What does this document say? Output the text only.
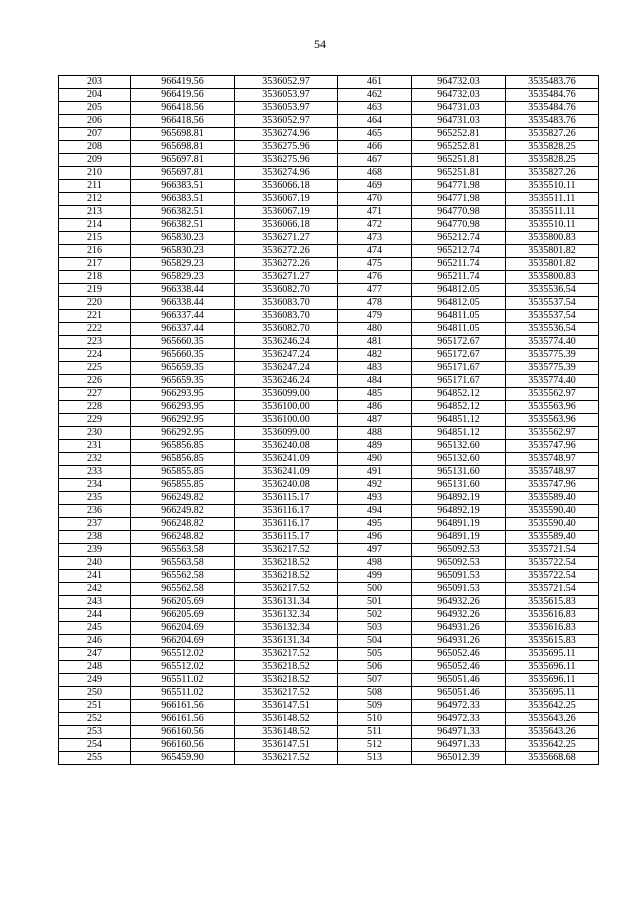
54
203	966419.56	3536052.97	461	964732.03	3535483.76
204	966419.56	3536053.97	462	964732.03	3535484.76
205	966418.56	3536053.97	463	964731.03	3535484.76
206	966418.56	3536052.97	464	964731.03	3535483.76
207	965698.81	3536274.96	465	965252.81	3535827.26
208	965698.81	3536275.96	466	965252.81	3535828.25
209	965697.81	3536275.96	467	965251.81	3535828.25
210	965697.81	3536274.96	468	965251.81	3535827.26
211	966383.51	3536066.18	469	964771.98	3535510.11
212	966383.51	3536067.19	470	964771.98	3535511.11
213	966382.51	3536067.19	471	964770.98	3535511.11
214	966382.51	3536066.18	472	964770.98	3535510.11
215	965830.23	3536271.27	473	965212.74	3535800.83
216	965830.23	3536272.26	474	965212.74	3535801.82
217	965829.23	3536272.26	475	965211.74	3535801.82
218	965829.23	3536271.27	476	965211.74	3535800.83
219	966338.44	3536082.70	477	964812.05	3535536.54
220	966338.44	3536083.70	478	964812.05	3535537.54
221	966337.44	3536083.70	479	964811.05	3535537.54
222	966337.44	3536082.70	480	964811.05	3535536.54
223	965660.35	3536246.24	481	965172.67	3535774.40
224	965660.35	3536247.24	482	965172.67	3535775.39
225	965659.35	3536247.24	483	965171.67	3535775.39
226	965659.35	3536246.24	484	965171.67	3535774.40
227	966293.95	3536099.00	485	964852.12	3535562.97
228	966293.95	3536100.00	486	964852.12	3535563.96
229	966292.95	3536100.00	487	964851.12	3535563.96
230	966292.95	3536099.00	488	964851.12	3535562.97
231	965856.85	3536240.08	489	965132.60	3535747.96
232	965856.85	3536241.09	490	965132.60	3535748.97
233	965855.85	3536241.09	491	965131.60	3535748.97
234	965855.85	3536240.08	492	965131.60	3535747.96
235	966249.82	3536115.17	493	964892.19	3535589.40
236	966249.82	3536116.17	494	964892.19	3535590.40
237	966248.82	3536116.17	495	964891.19	3535590.40
238	966248.82	3536115.17	496	964891.19	3535589.40
239	965563.58	3536217.52	497	965092.53	3535721.54
240	965563.58	3536218.52	498	965092.53	3535722.54
241	965562.58	3536218.52	499	965091.53	3535722.54
242	965562.58	3536217.52	500	965091.53	3535721.54
243	966205.69	3536131.34	501	964932.26	3535615.83
244	966205.69	3536132.34	502	964932.26	3535616.83
245	966204.69	3536132.34	503	964931.26	3535616.83
246	966204.69	3536131.34	504	964931.26	3535615.83
247	965512.02	3536217.52	505	965052.46	3535695.11
248	965512.02	3536218.52	506	965052.46	3535696.11
249	965511.02	3536218.52	507	965051.46	3535696.11
250	965511.02	3536217.52	508	965051.46	3535695.11
251	966161.56	3536147.51	509	964972.33	3535642.25
252	966161.56	3536148.52	510	964972.33	3535643.26
253	966160.56	3536148.52	511	964971.33	3535643.26
254	966160.56	3536147.51	512	964971.33	3535642.25
255	965459.90	3536217.52	513	965012.39	3535668.68
